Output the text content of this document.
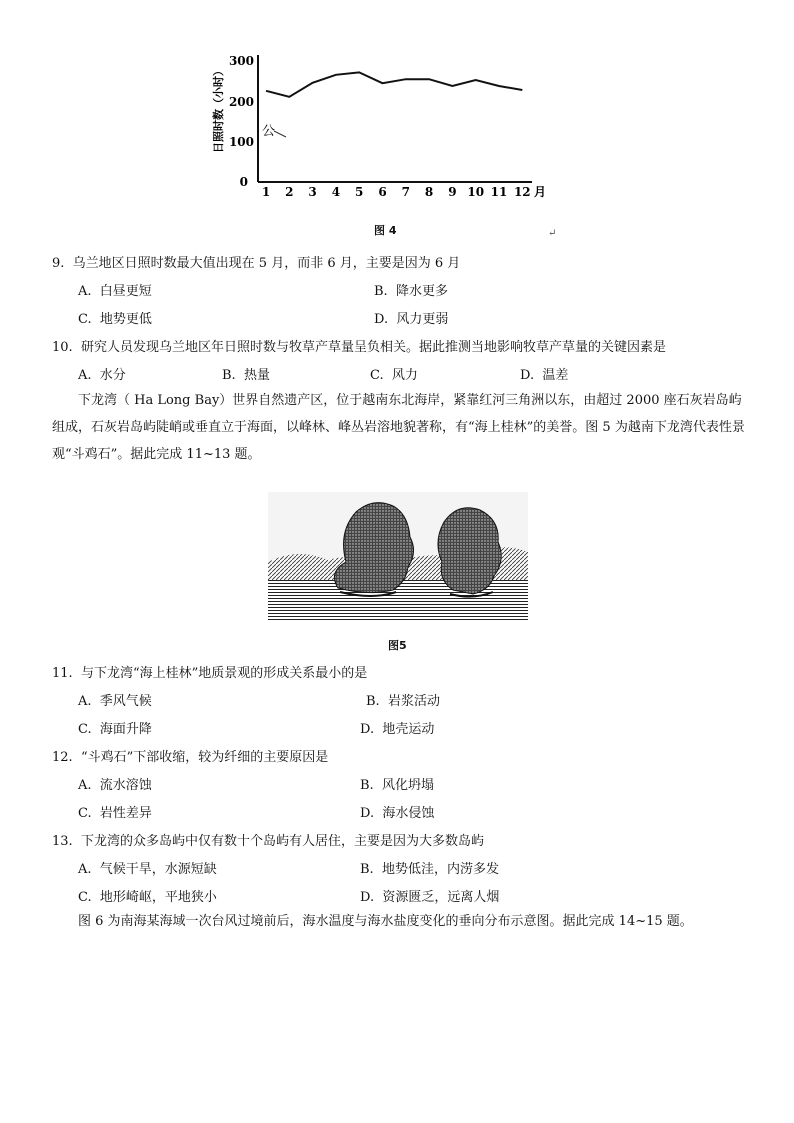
300
200
100
0
日照时数（小时）
1 2 3 4 5 6 7 8 9 10 11 12 月
公
图 4	↵
9. 乌兰地区日照时数最大值出现在 5 月，而非 6 月，主要是因为 6 月
A. 白昼更短	B. 降水更多
C. 地势更低	D. 风力更弱
10. 研究人员发现乌兰地区年日照时数与牧草产草量呈负相关。据此推测当地影响牧草产草量的关键因素是
A. 水分	B. 热量	C. 风力	D. 温差
下龙湾（ Ha Long Bay）世界自然遗产区，位于越南东北海岸，紧靠红河三角洲以东，由超过 2000 座石灰岩岛屿组成，石灰岩岛屿陡峭或垂直立于海面，以峰林、峰丛岩溶地貌著称，有“海上桂林”的美誉。图 5 为越南下龙湾代表性景观“斗鸡石”。据此完成 11~13 题。
图5
11. 与下龙湾“海上桂林”地质景观的形成关系最小的是
A. 季风气候	B. 岩浆活动
C. 海面升降	D. 地壳运动
12. “斗鸡石”下部收缩，较为纤细的主要原因是
A. 流水溶蚀	B. 风化坍塌
C. 岩性差异	D. 海水侵蚀
13. 下龙湾的众多岛屿中仅有数十个岛屿有人居住，主要是因为大多数岛屿
A. 气候干旱，水源短缺	B. 地势低洼，内涝多发
C. 地形崎岖，平地狭小	D. 资源匮乏，远离人烟
图 6 为南海某海域一次台风过境前后，海水温度与海水盐度变化的垂向分布示意图。据此完成 14~15 题。
